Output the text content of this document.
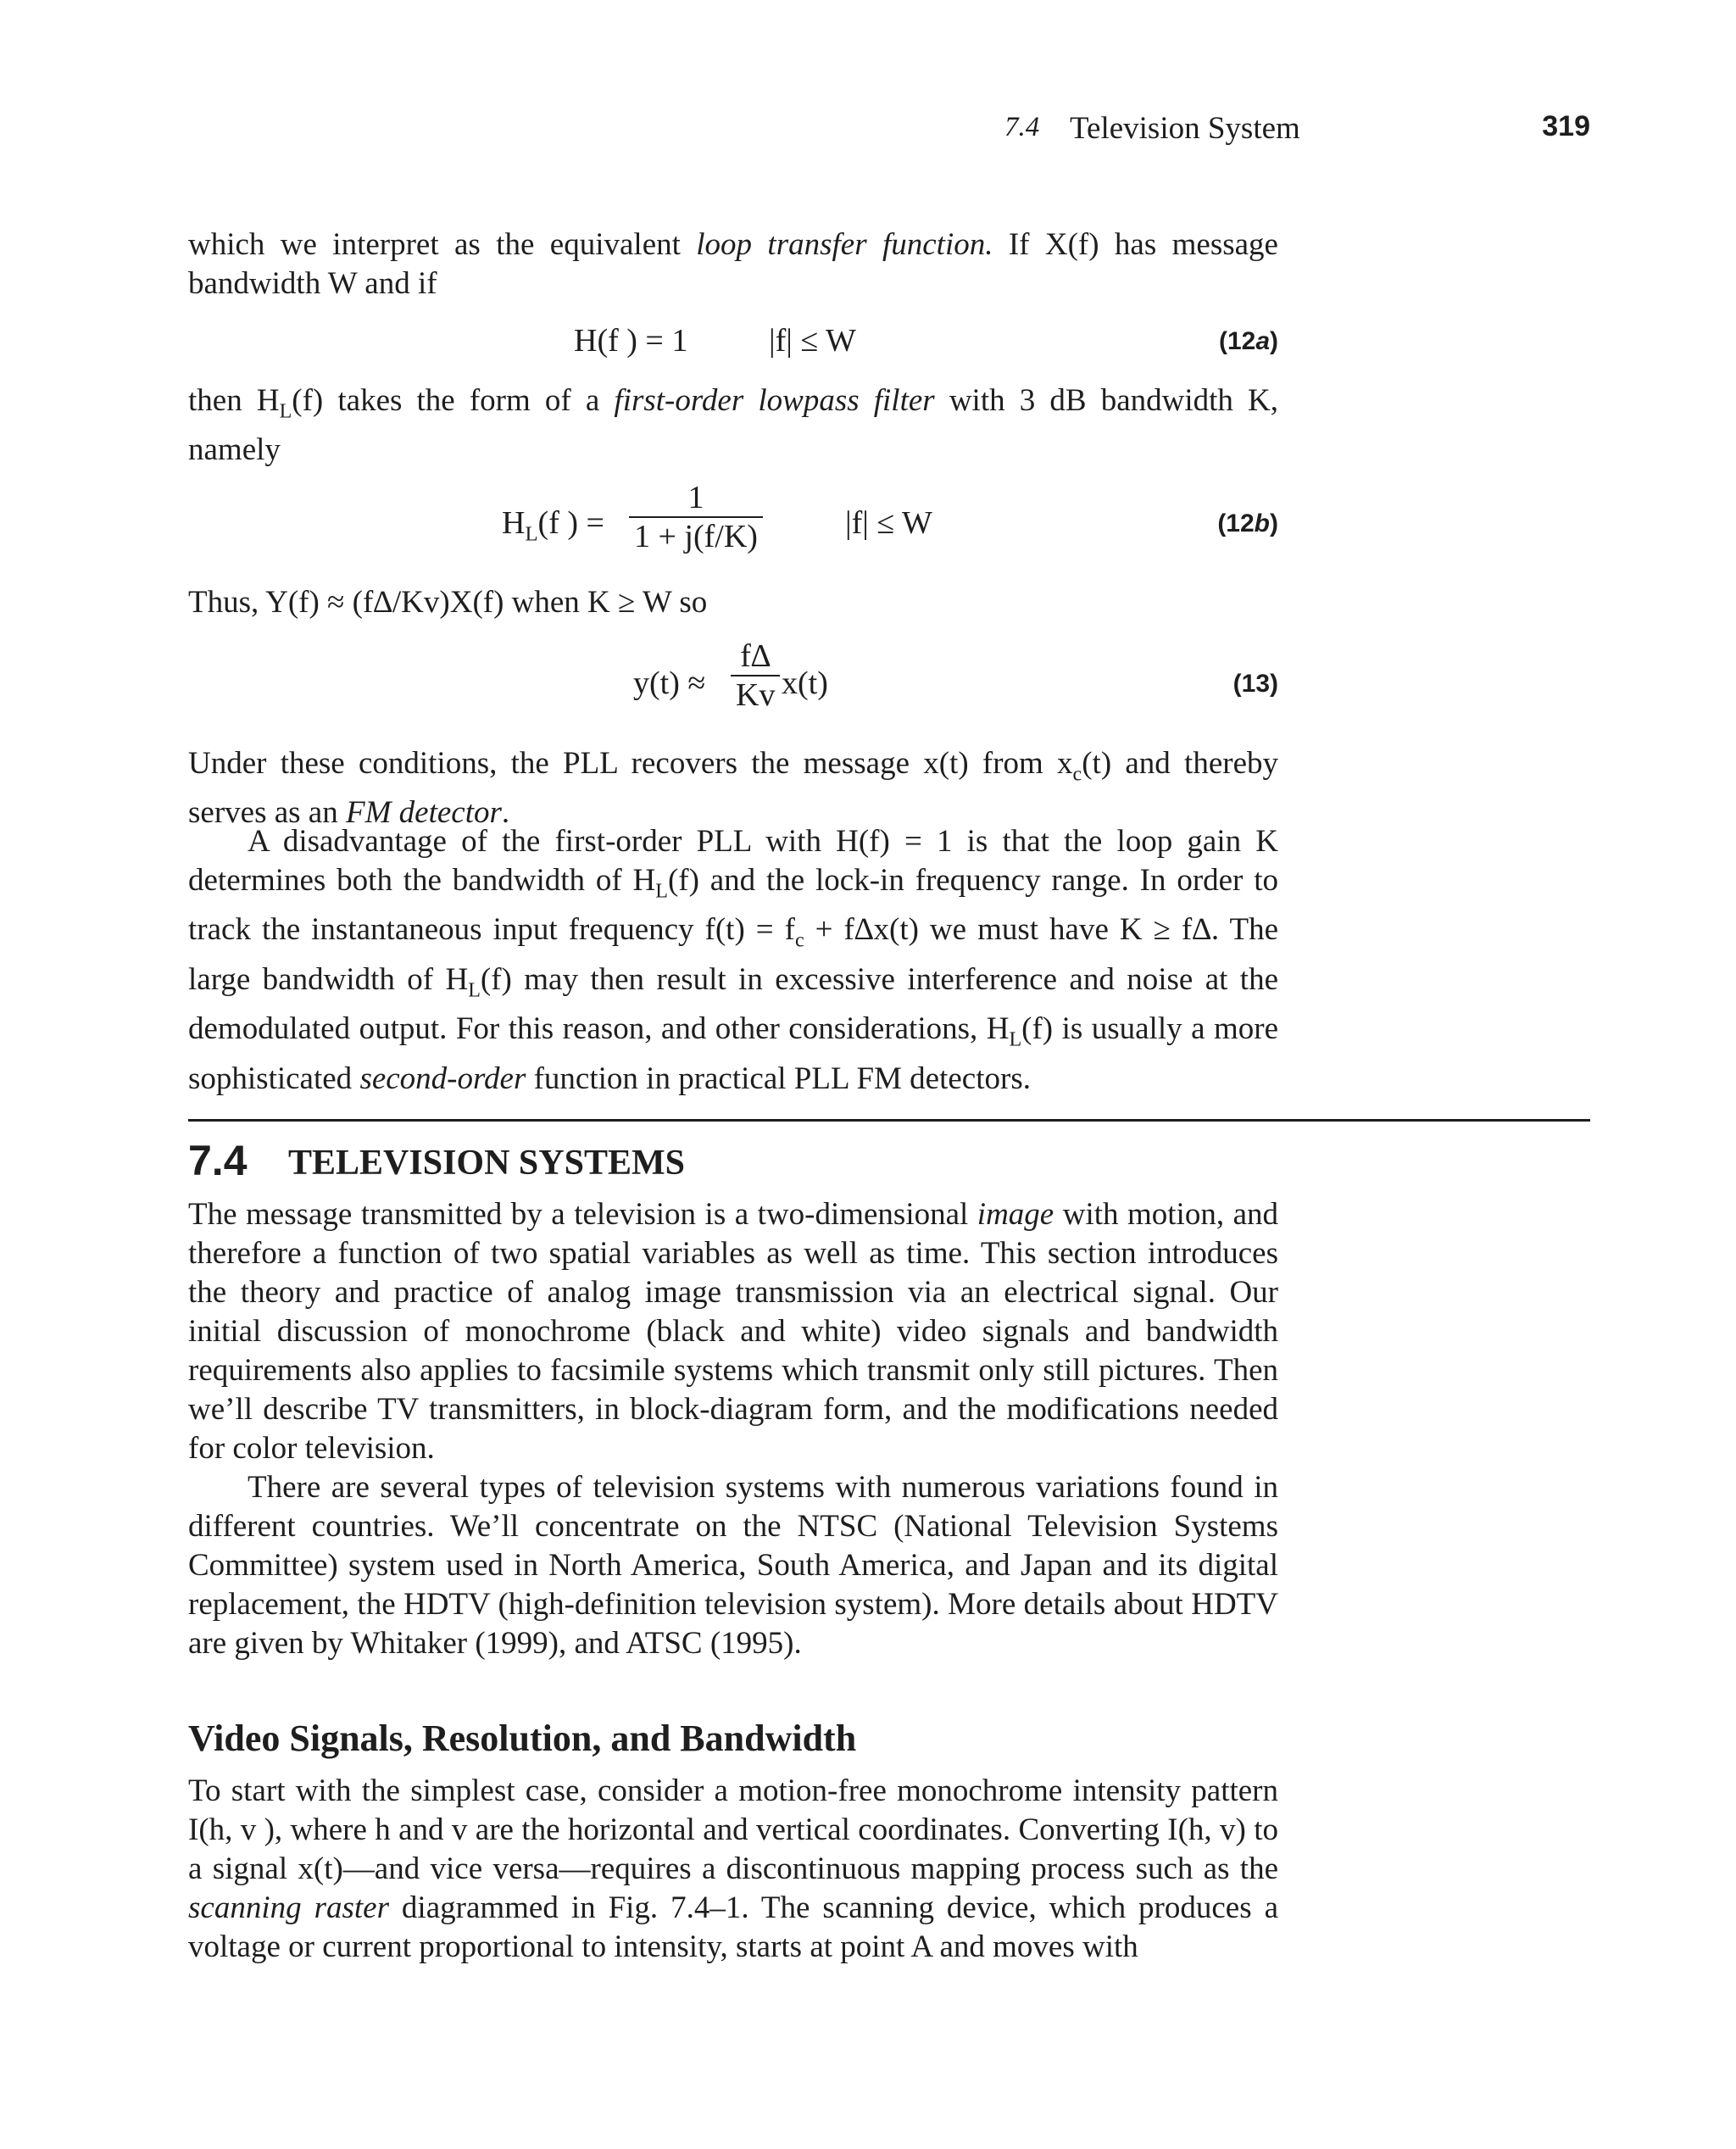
7.4 Television System	319

which we interpret as the equivalent loop transfer function. If X(f) has message bandwidth W and if

H(f ) = 1	|f| ≤ W	(12a)

then $H_L(f)$ takes the form of a first-order lowpass filter with 3 dB bandwidth K, namely

$H_L(f$ ) = $\frac{1}{1 + j(f/K)}$	|f| ≤ W	(12b)

Thus, Y(f) ≈ (f∆/Kv)X(f) when K ≥ W so

$y(t) \approx \frac{f\Delta}{Kv} x(t)$	(13)

Under these conditions, the PLL recovers the message x(t) from $x_c(t)$ and thereby serves as an FM detector.

A disadvantage of the first-order PLL with H(f) = 1 is that the loop gain K determines both the bandwidth of $H_L(f)$ and the lock-in frequency range. In order to track the instantaneous input frequency $f(t) = f_c + f\Delta x(t)$ we must have K ≥ f∆. The large bandwidth of $H_L(f)$ may then result in excessive interference and noise at the demodulated output. For this reason, and other considerations, $H_L(f)$ is usually a more sophisticated second-order function in practical PLL FM detectors.

7.4 TELEVISION SYSTEMS

The message transmitted by a television is a two-dimensional image with motion, and therefore a function of two spatial variables as well as time. This section introduces the theory and practice of analog image transmission via an electrical signal. Our initial discussion of monochrome (black and white) video signals and bandwidth requirements also applies to facsimile systems which transmit only still pictures. Then we’ll describe TV transmitters, in block-diagram form, and the modifications needed for color television.

There are several types of television systems with numerous variations found in different countries. We’ll concentrate on the NTSC (National Television Systems Committee) system used in North America, South America, and Japan and its digital replacement, the HDTV (high-definition television system). More details about HDTV are given by Whitaker (1999), and ATSC (1995).

Video Signals, Resolution, and Bandwidth

To start with the simplest case, consider a motion-free monochrome intensity pattern I(h, v ), where h and v are the horizontal and vertical coordinates. Converting I(h, v) to a signal x(t)—and vice versa—requires a discontinuous mapping process such as the scanning raster diagrammed in Fig. 7.4–1. The scanning device, which produces a voltage or current proportional to intensity, starts at point A and moves with
